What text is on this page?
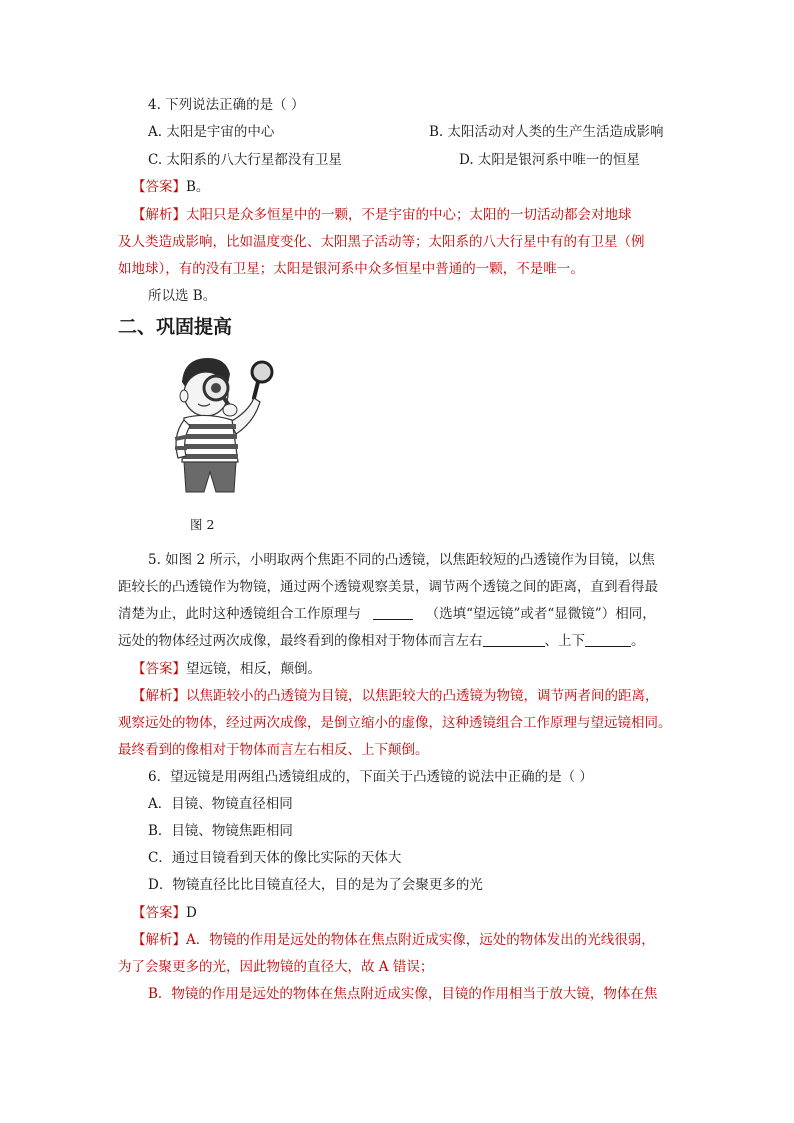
4. 下列说法正确的是（ ）
A. 太阳是宇宙的中心	B. 太阳活动对人类的生产生活造成影响
C. 太阳系的八大行星都没有卫星	D. 太阳是银河系中唯一的恒星
【答案】B。
【解析】太阳只是众多恒星中的一颗，不是宇宙的中心；太阳的一切活动都会对地球
及人类造成影响，比如温度变化、太阳黑子活动等；太阳系的八大行星中有的有卫星（例
如地球），有的没有卫星；太阳是银河系中众多恒星中普通的一颗，不是唯一。
所以选 B。
二、巩固提高
图 2
5. 如图 2 所示，小明取两个焦距不同的凸透镜，以焦距较短的凸透镜作为目镜，以焦
距较长的凸透镜作为物镜，通过两个透镜观察美景，调节两个透镜之间的距离，直到看得最
清楚为止，此时这种透镜组合工作原理与	（选填“望远镜”或者“显微镜”）相同，
远处的物体经过两次成像，最终看到的像相对于物体而言左右	、上下	。
【答案】望远镜，相反，颠倒。
【解析】以焦距较小的凸透镜为目镜，以焦距较大的凸透镜为物镜，调节两者间的距离，
观察远处的物体，经过两次成像，是倒立缩小的虚像，这种透镜组合工作原理与望远镜相同。
最终看到的像相对于物体而言左右相反、上下颠倒。
6．望远镜是用两组凸透镜组成的，下面关于凸透镜的说法中正确的是（ ）
A．目镜、物镜直径相同
B．目镜、物镜焦距相同
C．通过目镜看到天体的像比实际的天体大
D．物镜直径比比目镜直径大，目的是为了会聚更多的光
【答案】D
【解析】A．物镜的作用是远处的物体在焦点附近成实像，远处的物体发出的光线很弱，
为了会聚更多的光，因此物镜的直径大，故 A 错误；
B．物镜的作用是远处的物体在焦点附近成实像，目镜的作用相当于放大镜，物体在焦
